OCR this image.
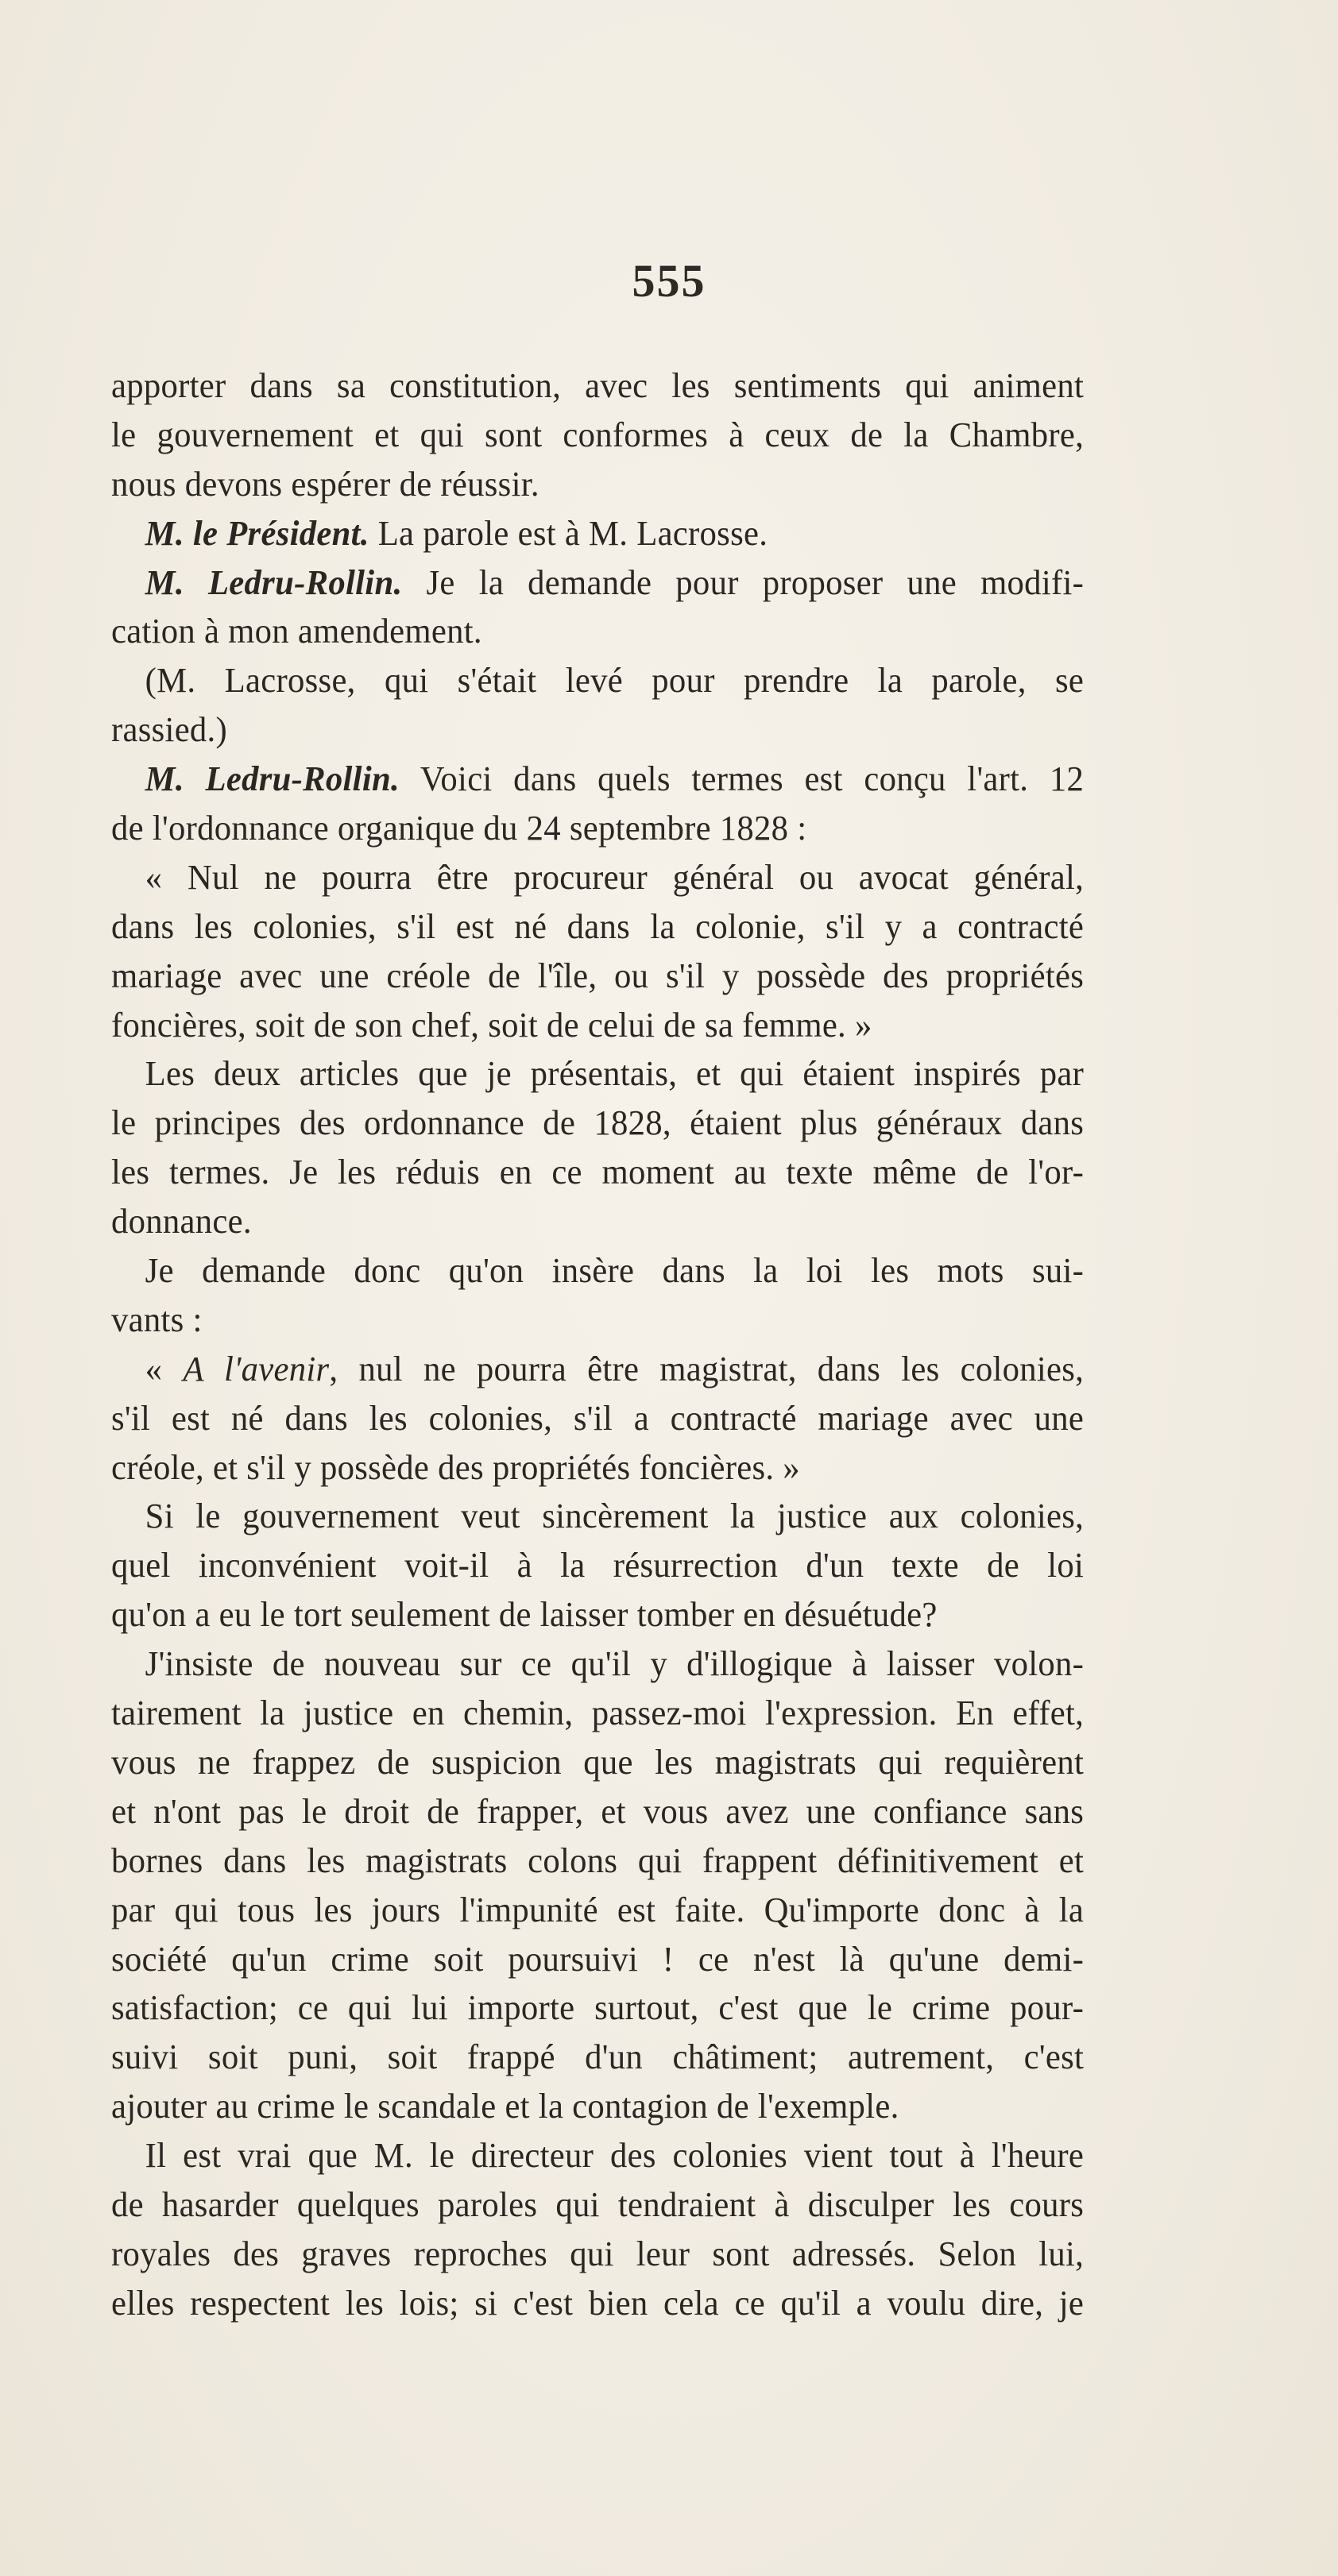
555
apporter dans sa constitution, avec les sentiments qui animent
le gouvernement et qui sont conformes à ceux de la Chambre,
nous devons espérer de réussir.
M. le Président. La parole est à M. Lacrosse.
M. Ledru-Rollin. Je la demande pour proposer une modifi-
cation à mon amendement.
(M. Lacrosse, qui s'était levé pour prendre la parole, se
rassied.)
M. Ledru-Rollin. Voici dans quels termes est conçu l'art. 12
de l'ordonnance organique du 24 septembre 1828 :
« Nul ne pourra être procureur général ou avocat général,
dans les colonies, s'il est né dans la colonie, s'il y a contracté
mariage avec une créole de l'île, ou s'il y possède des propriétés
foncières, soit de son chef, soit de celui de sa femme. »
Les deux articles que je présentais, et qui étaient inspirés par
le principes des ordonnance de 1828, étaient plus généraux dans
les termes. Je les réduis en ce moment au texte même de l'or-
donnance.
Je demande donc qu'on insère dans la loi les mots sui-
vants :
« A l'avenir, nul ne pourra être magistrat, dans les colonies,
s'il est né dans les colonies, s'il a contracté mariage avec une
créole, et s'il y possède des propriétés foncières. »
Si le gouvernement veut sincèrement la justice aux colonies,
quel inconvénient voit-il à la résurrection d'un texte de loi
qu'on a eu le tort seulement de laisser tomber en désuétude?
J'insiste de nouveau sur ce qu'il y d'illogique à laisser volon-
tairement la justice en chemin, passez-moi l'expression. En effet,
vous ne frappez de suspicion que les magistrats qui requièrent
et n'ont pas le droit de frapper, et vous avez une confiance sans
bornes dans les magistrats colons qui frappent définitivement et
par qui tous les jours l'impunité est faite. Qu'importe donc à la
société qu'un crime soit poursuivi ! ce n'est là qu'une demi-
satisfaction; ce qui lui importe surtout, c'est que le crime pour-
suivi soit puni, soit frappé d'un châtiment; autrement, c'est
ajouter au crime le scandale et la contagion de l'exemple.
Il est vrai que M. le directeur des colonies vient tout à l'heure
de hasarder quelques paroles qui tendraient à disculper les cours
royales des graves reproches qui leur sont adressés. Selon lui,
elles respectent les lois; si c'est bien cela ce qu'il a voulu dire, je
